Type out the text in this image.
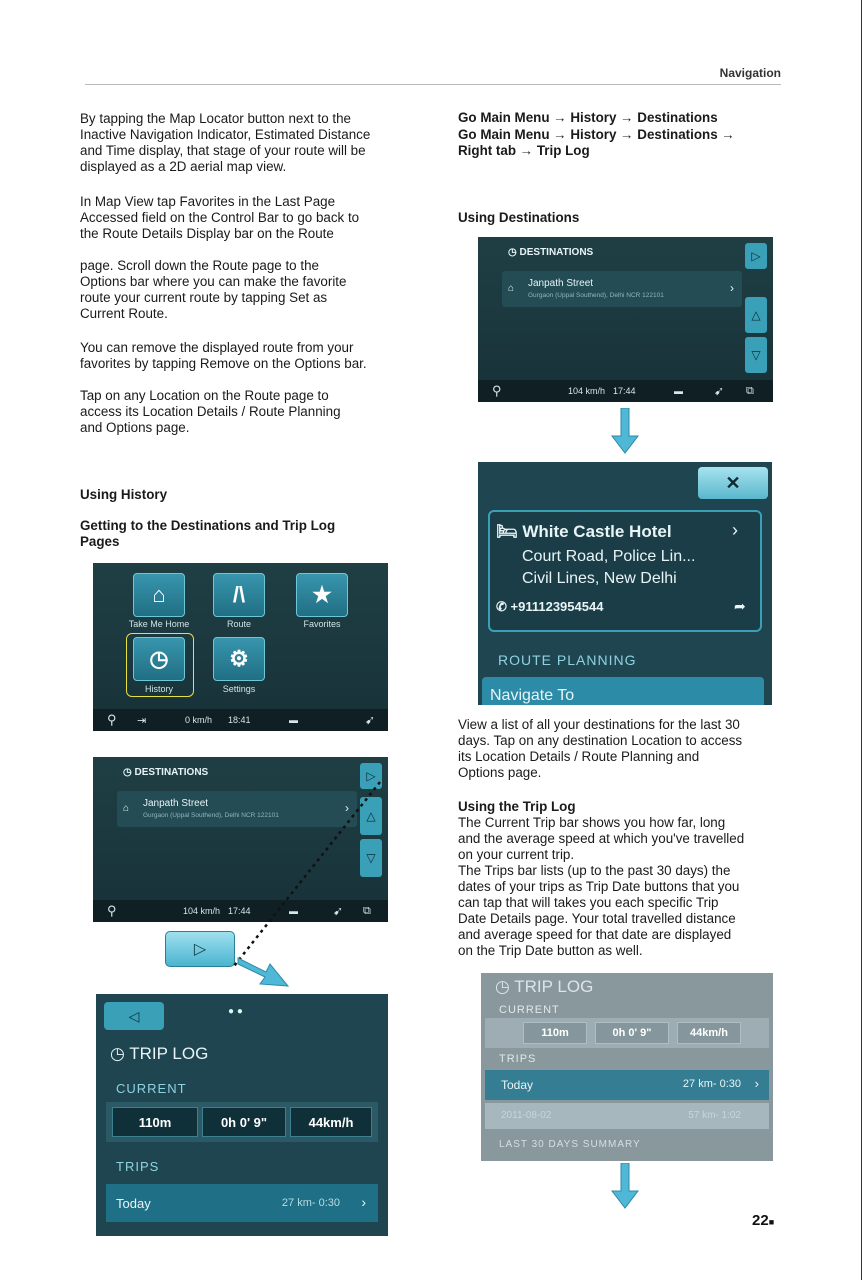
Navigation
By tapping the Map Locator button next to the
Inactive Navigation Indicator, Estimated Distance
and Time display, that stage of your route will be
displayed as a 2D aerial map view.
In Map View tap Favorites in the Last Page
Accessed field on the Control Bar to go back to
the Route Details Display bar on the Route
page. Scroll down the Route page to the
Options bar where you can make the favorite
route your current route by tapping Set as
Current Route.
You can remove the displayed route from your
favorites by tapping Remove on the Options bar.
Tap on any Location on the Route page to
access its Location Details / Route Planning
and Options page.
Using History
Getting to the Destinations and Trip Log
Pages
⌂
Take Me Home
/\
Route
★
Favorites
◷
History
⚙
Settings
⚲ ⇥	0 km/h 18:41	▬	➹
◷ DESTINATIONS
⌂ Janpath Street
Gurgaon (Uppal Southend), Delhi NCR 122101
›
▷
△
▽
⚲	104 km/h 17:44	▬	➹ ⧉
▷
◁	● ●
◷ TRIP LOG
CURRENT
110m	0h 0' 9"	44km/h
TRIPS
Today	27 km- 0:30 ›
Go Main Menu → History → Destinations
Go Main Menu → History → Destinations →
Right tab → Trip Log
Using Destinations
◷ DESTINATIONS
⌂ Janpath Street
Gurgaon (Uppal Southend), Delhi NCR 122101
›
▷
△
▽
⚲	104 km/h 17:44	▬	➹ ⧉
✕
🛏 White Castle Hotel	›
Court Road, Police Lin...
Civil Lines, New Delhi
✆ +911123954544	➦
ROUTE PLANNING
Navigate To
View a list of all your destinations for the last 30
days. Tap on any destination Location to access
its Location Details / Route Planning and
Options page.
Using the Trip Log
The Current Trip bar shows you how far, long
and the average speed at which you've travelled
on your current trip.
The Trips bar lists (up to the past 30 days) the
dates of your trips as Trip Date buttons that you
can tap that will takes you each specific Trip
Date Details page. Your total travelled distance
and average speed for that date are displayed
on the Trip Date button as well.
◷ TRIP LOG
CURRENT
110m	0h 0' 9"	44km/h
TRIPS
Today	27 km- 0:30 ›
2011-08-02	57 km- 1:02
LAST 30 DAYS SUMMARY
22■
